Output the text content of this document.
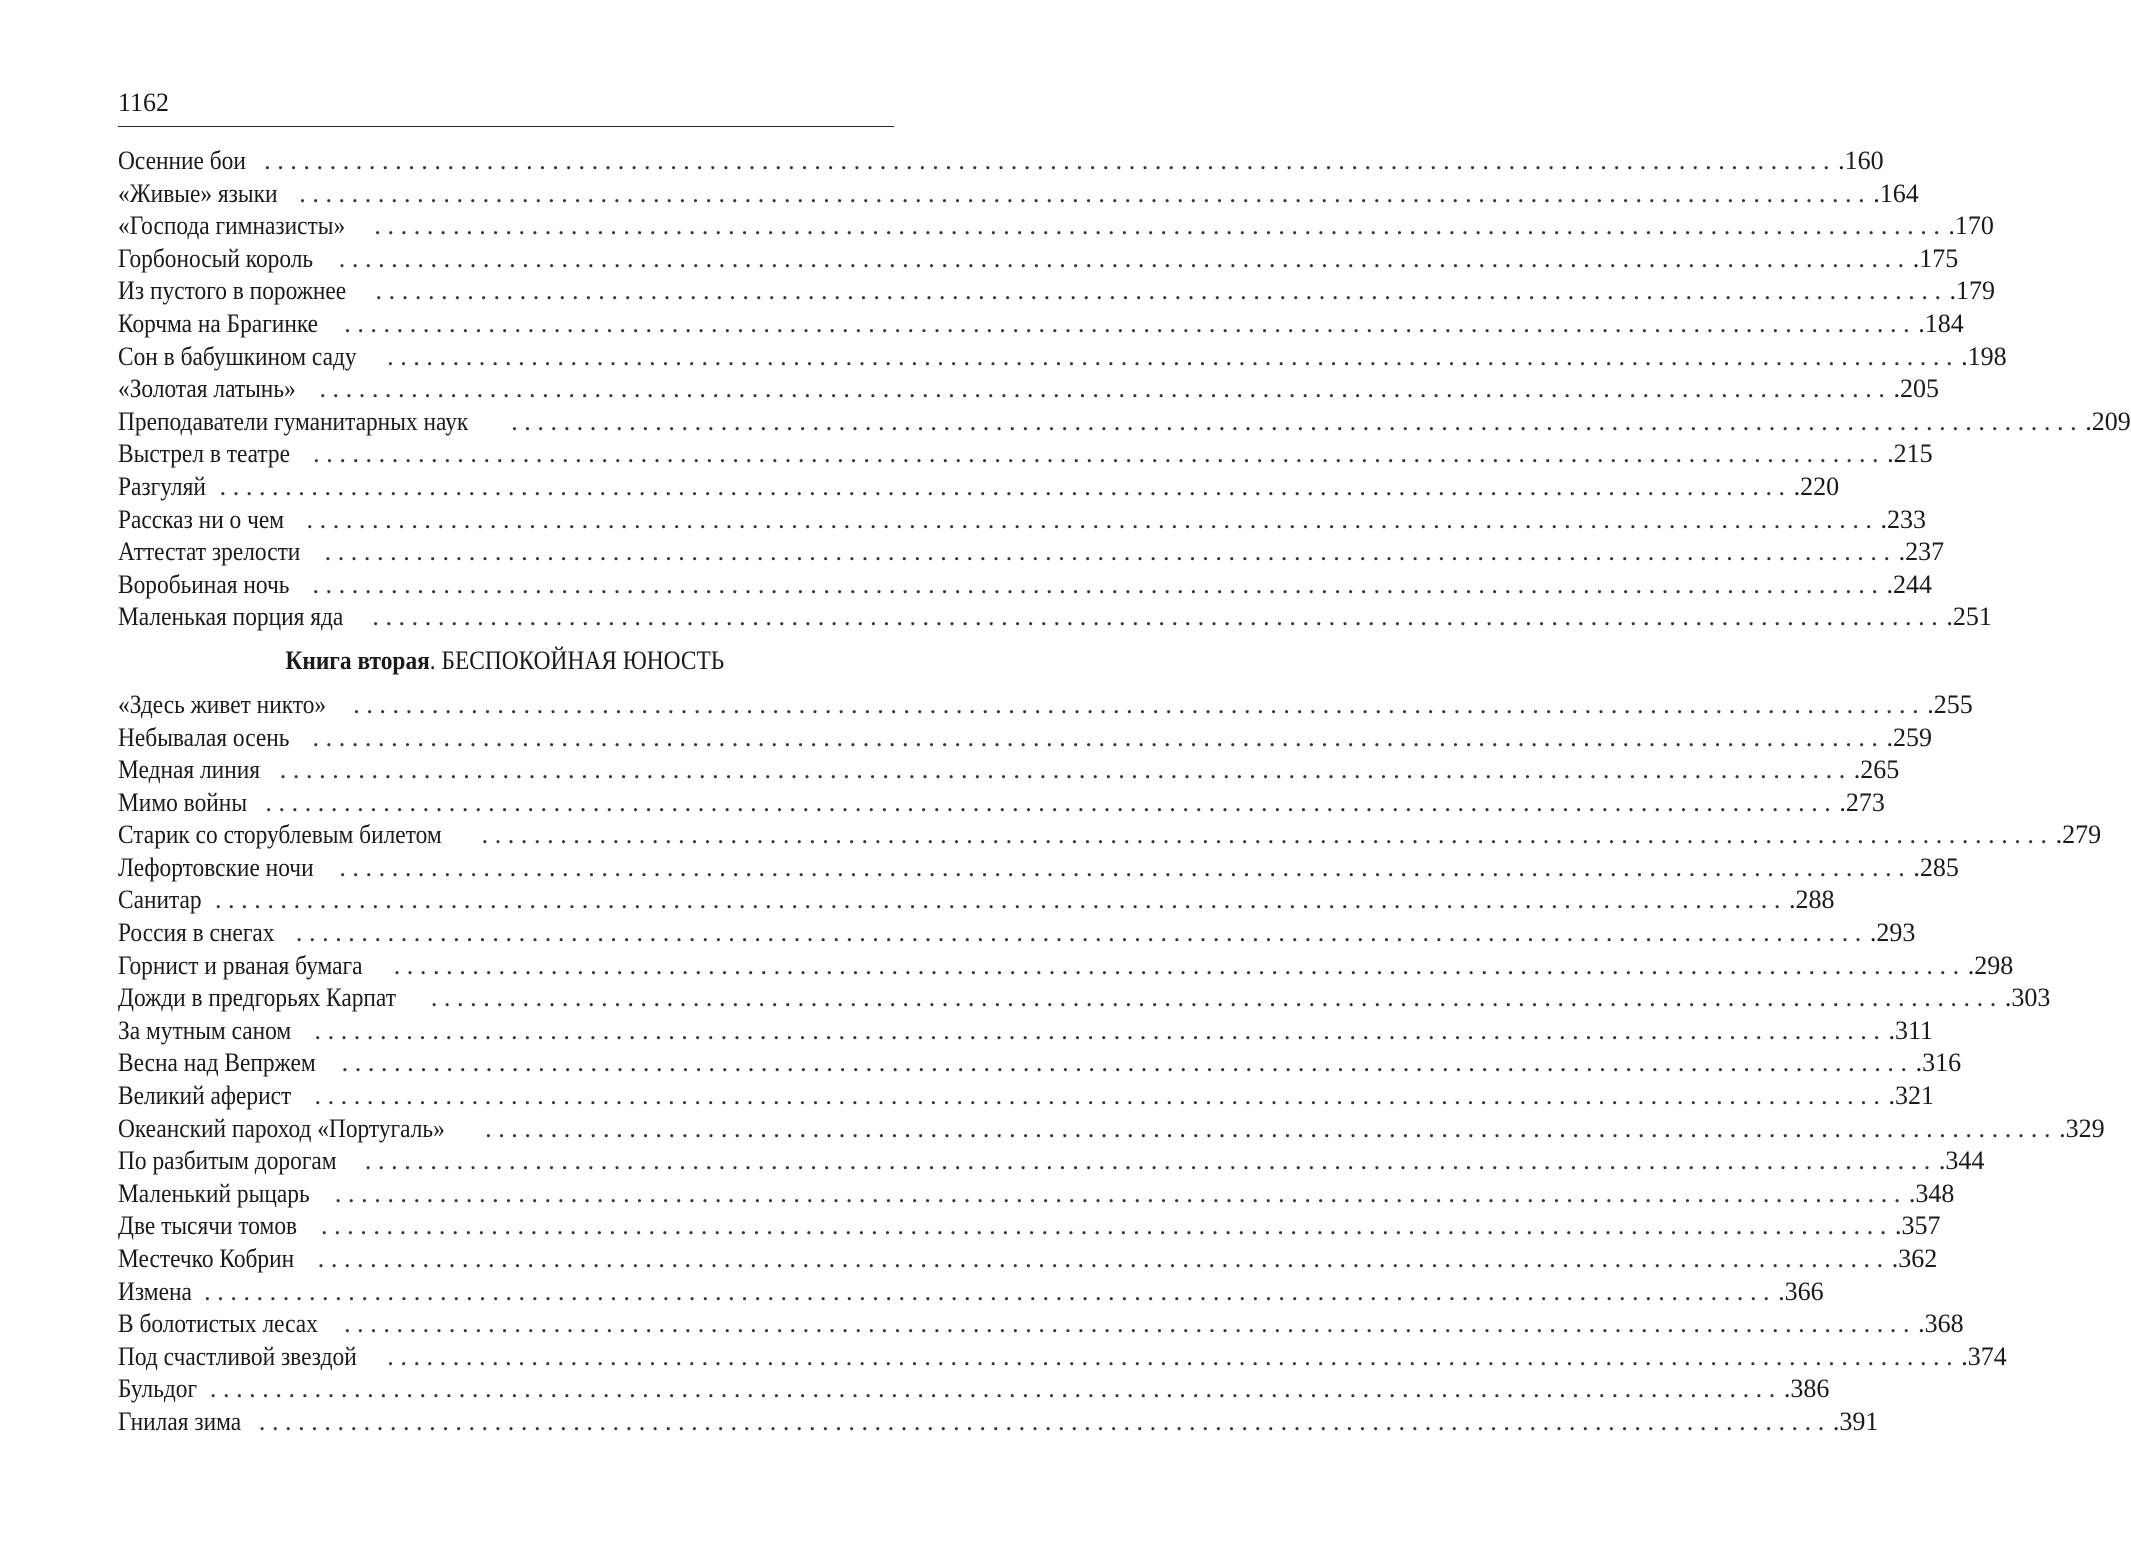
1162
Осенние бои ........................................................................................................................ .160
«Живые» языки ........................................................................................................................ .164
«Господа гимназисты» ........................................................................................................................ .170
Горбоносый король ........................................................................................................................ .175
Из пустого в порожнее ........................................................................................................................ .179
Корчма на Брагинке ........................................................................................................................ .184
Сон в бабушкином саду ........................................................................................................................ .198
«Золотая латынь» ........................................................................................................................ .205
Преподаватели гуманитарных наук ........................................................................................................................ .209
Выстрел в театре ........................................................................................................................ .215
Разгуляй ........................................................................................................................ .220
Рассказ ни о чем ........................................................................................................................ .233
Аттестат зрелости ........................................................................................................................ .237
Воробьиная ночь ........................................................................................................................ .244
Маленькая порция яда ........................................................................................................................ .251
Книга вторая. БЕСПОКОЙНАЯ ЮНОСТЬ
«Здесь живет никто» ........................................................................................................................ .255
Небывалая осень ........................................................................................................................ .259
Медная линия ........................................................................................................................ .265
Мимо войны ........................................................................................................................ .273
Старик со сторублевым билетом ........................................................................................................................ .279
Лефортовские ночи ........................................................................................................................ .285
Санитар ........................................................................................................................ .288
Россия в снегах ........................................................................................................................ .293
Горнист и рваная бумага ........................................................................................................................ .298
Дожди в предгорьях Карпат ........................................................................................................................ .303
За мутным саном ........................................................................................................................ .311
Весна над Вепржем ........................................................................................................................ .316
Великий аферист ........................................................................................................................ .321
Океанский пароход «Португаль» ........................................................................................................................ .329
По разбитым дорогам ........................................................................................................................ .344
Маленький рыцарь ........................................................................................................................ .348
Две тысячи томов ........................................................................................................................ .357
Местечко Кобрин ........................................................................................................................ .362
Измена ........................................................................................................................ .366
В болотистых лесах ........................................................................................................................ .368
Под счастливой звездой ........................................................................................................................ .374
Бульдог ........................................................................................................................ .386
Гнилая зима ........................................................................................................................ .391
